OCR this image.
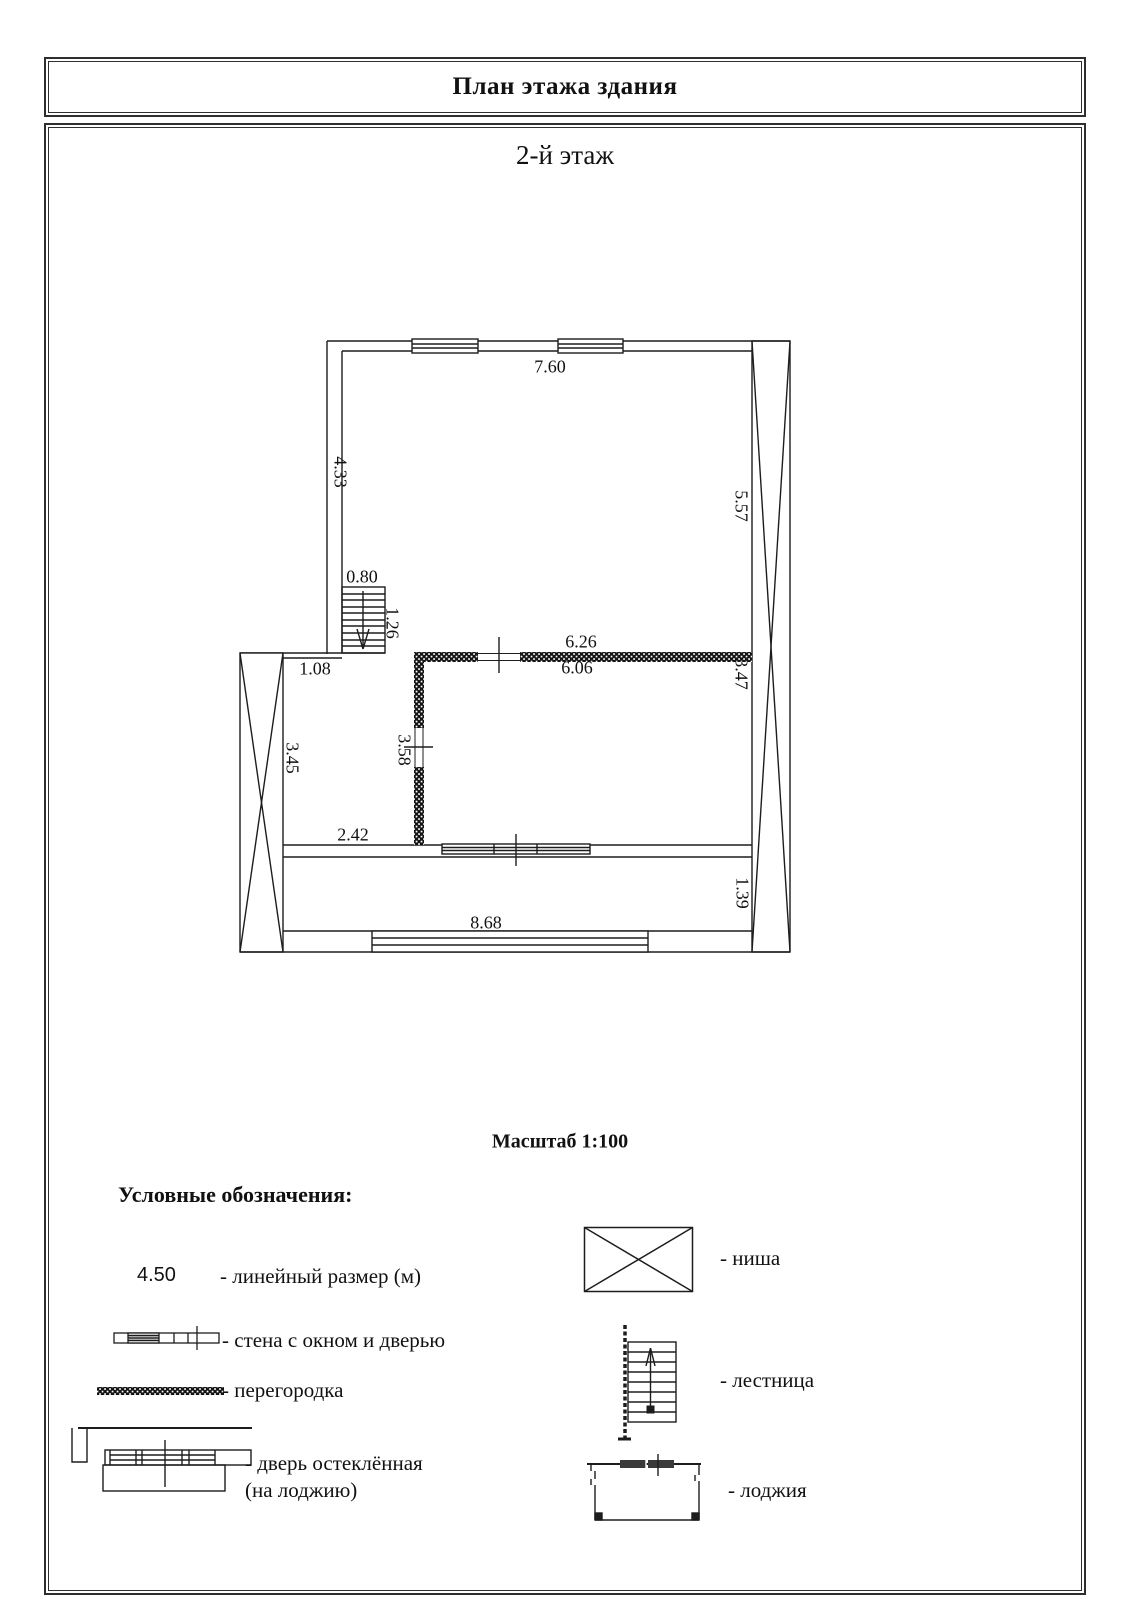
План этажа здания
2-й этаж
7.60
4.33
5.57
0.80
1.26
1.08
6.26
6.06
3.58
3.45
3.47
2.42
1.39
8.68
Масштаб 1:100
Условные обозначения:
4.50 - линейный размер (м)
- стена с окном и дверью
- перегородка
- дверь остеклённая
(на лоджию)
- ниша
- лестница
- лоджия
